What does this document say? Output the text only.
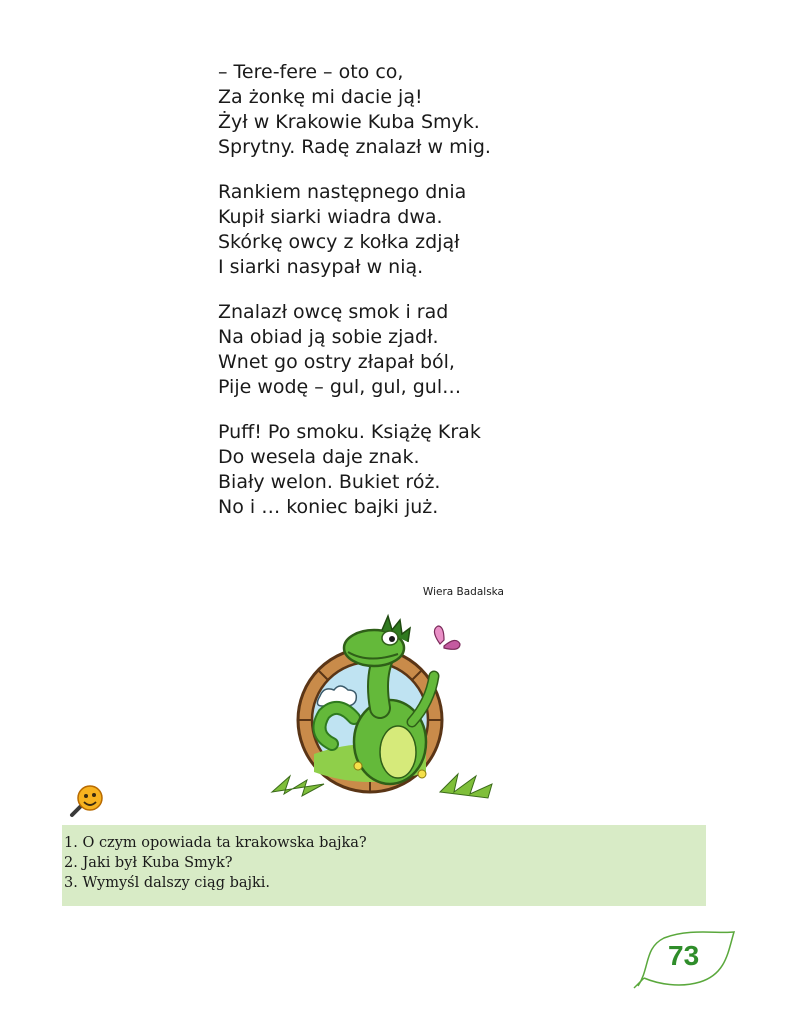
– Tere-fere – oto co,
Za żonkę mi dacie ją!
Żył w Krakowie Kuba Smyk.
Sprytny. Radę znalazł w mig.
Rankiem następnego dnia
Kupił siarki wiadra dwa.
Skórkę owcy z kołka zdjął
I siarki nasypał w nią.
Znalazł owcę smok i rad
Na obiad ją sobie zjadł.
Wnet go ostry złapał ból,
Pije wodę – gul, gul, gul…
Puff! Po smoku. Książę Krak
Do wesela daje znak.
Biały welon. Bukiet róż.
No i … koniec bajki już.
Wiera Badalska
1. O czym opowiada ta krakowska bajka?
2. Jaki był Kuba Smyk?
3. Wymyśl dalszy ciąg bajki.
73
